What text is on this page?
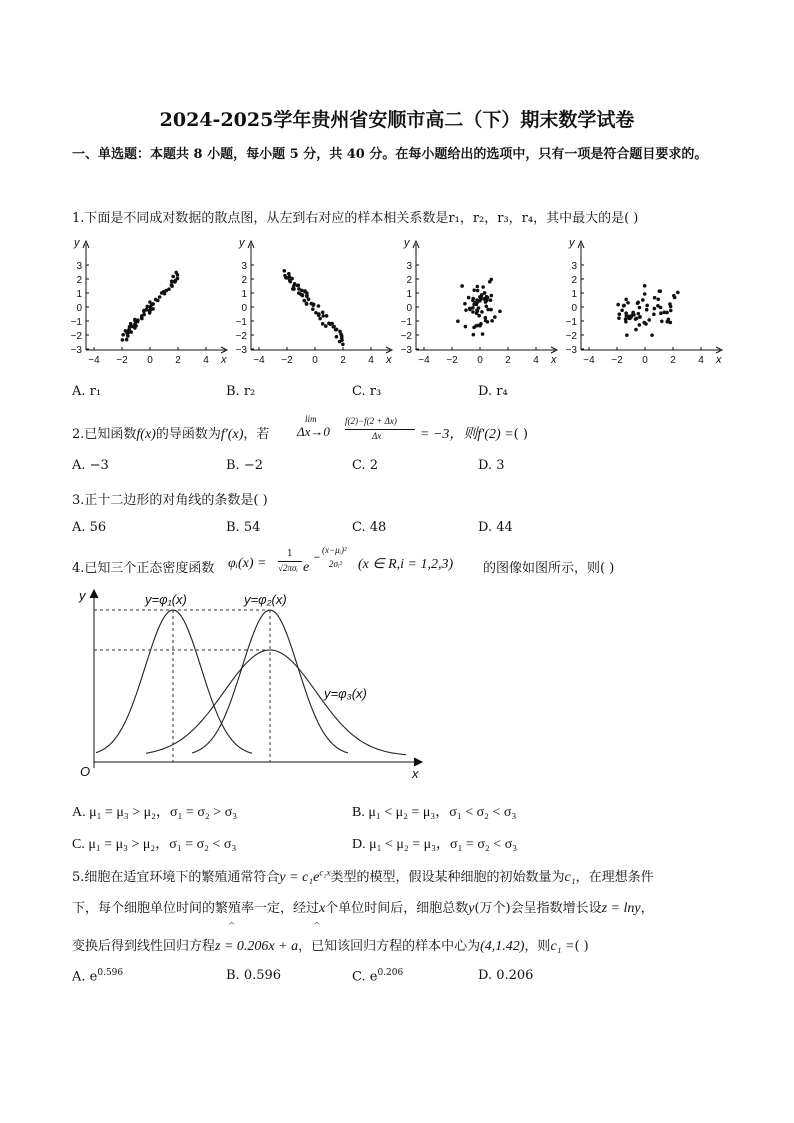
2024-2025学年贵州省安顺市高二（下）期末数学试卷
一、单选题：本题共 8 小题，每小题 5 分，共 40 分。在每小题给出的选项中，只有一项是符合题目要求的。
1.下面是不同成对数据的散点图，从左到右对应的样本相关系数是r₁，r₂，r₃，r₄，其中最大的是( )
y
x
3
2
1
0
−1
−2
−3
−4 −2 0 2 4
y
x
3
2
1
0
−1
−2
−3
−4 −2 0 2 4
y
x
3
2
1
0
−1
−2
−3
−4 −2 0 2 4
y
x
3
2
1
0
−1
−2
−3
−4 −2 0 2 4
A. r₁	B. r₂	C. r₃	D. r₄
2.已知函数f(x)的导函数为f′(x)，若
lim
Δx→0
f(2)−f(2 + Δx)
Δx	= −3，则f′(2) =( )
A. −3	B. −2	C. 2	D. 3
3.正十二边形的对角线的条数是( )
A. 56	B. 54	C. 48	D. 44
4.已知三个正态密度函数 φᵢ(x) =
1
√2πσᵢ e
−
(x−μᵢ)²
2σᵢ² (x ∈ R,i = 1,2,3) 的图像如图所示，则( )
y
x
O
y=φ₁(x)	y=φ₂(x)
y=φ₃(x)
A. μ₁ = μ₃ > μ₂，σ₁ = σ₂ > σ₃	B. μ₁ < μ₂ = μ₃，σ₁ < σ₂ < σ₃
C. μ₁ = μ₃ > μ₂，σ₁ = σ₂ < σ₃	D. μ₁ < μ₂ = μ₃，σ₁ = σ₂ < σ₃
5.细胞在适宜环境下的繁殖通常符合$y = c_1e^{c_2x}$类型的模型，假设某种细胞的初始数量为c₁，在理想条件
下，每个细胞单位时间的繁殖率一定，经过x个单位时间后，细胞总数y(万个)会呈指数增长设z = lny，
^	^
变换后得到线性回归方程z = 0.206x + a，已知该回归方程的样本中心为(4,1.42)，则c₁ =( )
A. $e^{0.596}$	B. 0.596	C. $e^{0.206}$	D. 0.206
